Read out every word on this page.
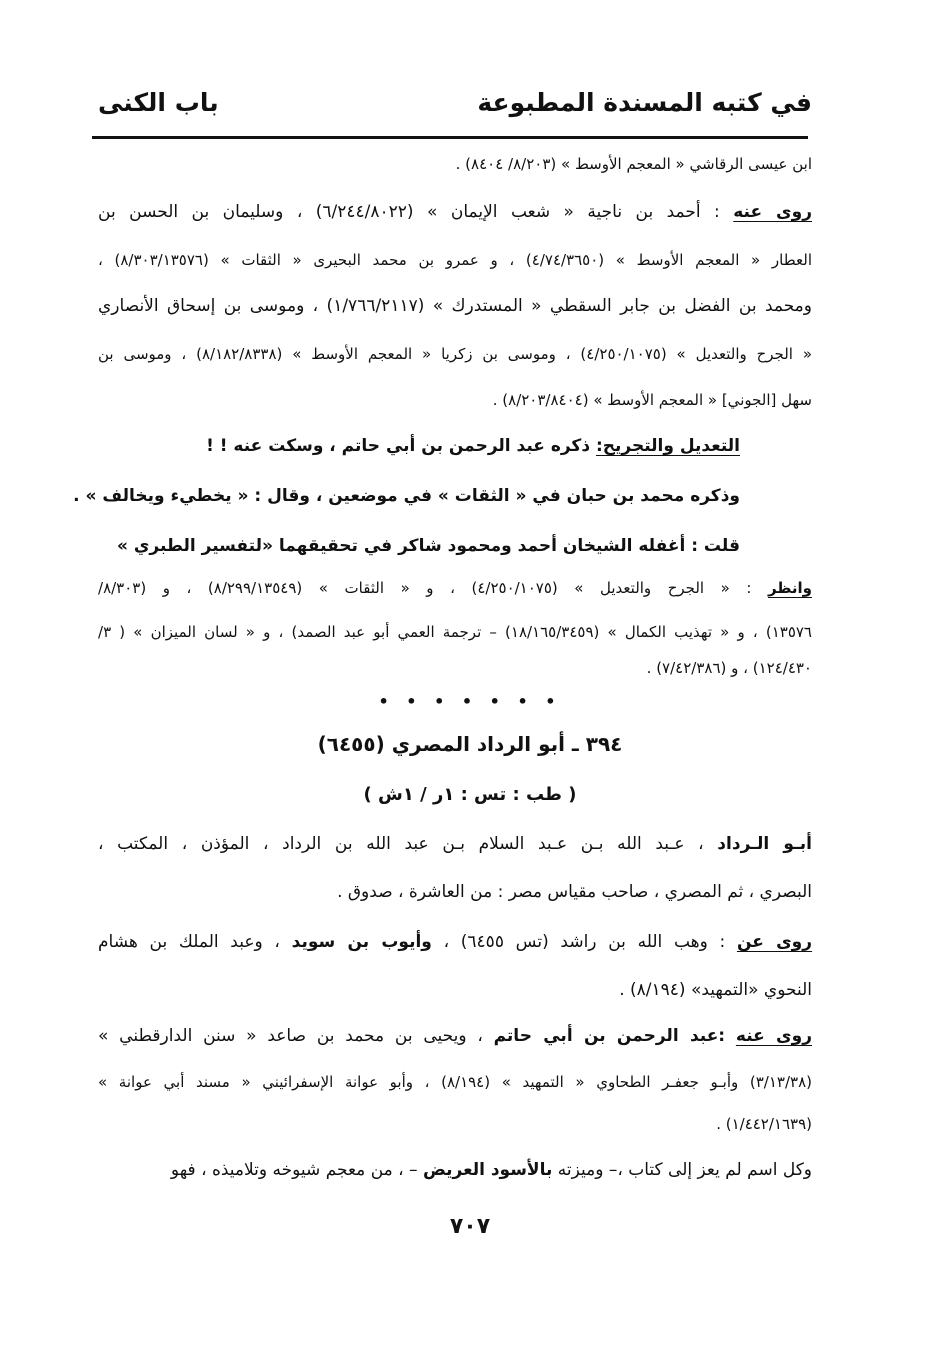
في كتبه المسندة المطبوعة
باب الكنى
ابن عيسى الرقاشي « المعجم الأوسط » (٨/٢٠٣/ ٨٤٠٤) .
روى عنه : أحمد بن ناجية « شعب الإيمان » (٦/٢٤٤/٨٠٢٢) ، وسليمان بن الحسن بن
العطار « المعجم الأوسط » (٤/٧٤/٣٦٥٠) ، و عمرو بن محمد البحيرى « الثقات » (٨/٣٠٣/١٣٥٧٦) ،
ومحمد بن الفضل بن جابر السقطي « المستدرك » (١/٧٦٦/٢١١٧) ، وموسى بن إسحاق الأنصاري
« الجرح والتعديل » (٤/٢٥٠/١٠٧٥) ، وموسى بن زكريا « المعجم الأوسط » (٨/١٨٢/٨٣٣٨) ، وموسى بن
سهل [الجوني] « المعجم الأوسط » (٨/٢٠٣/٨٤٠٤) .
التعديل والتجريح: ذكره عبد الرحمن بن أبي حاتم ، وسكت عنه ! !
وذكره محمد بن حبان في « الثقات » في موضعين ، وقال : « يخطيء ويخالف » .
قلت : أغفله الشيخان أحمد ومحمود شاكر في تحقيقهما «لتفسير الطبري »
وانظر : « الجرح والتعديل » (٤/٢٥٠/١٠٧٥) ، و « الثقات » (٨/٢٩٩/١٣٥٤٩) ، و (٨/٣٠٣/
١٣٥٧٦) ، و « تهذيب الكمال » (١٨/١٦٥/٣٤٥٩) – ترجمة العمي أبو عبد الصمد) ، و « لسان الميزان » ( ٣/
١٢٤/٤٣٠) ، و (٧/٤٢/٣٨٦) .
• • • • • • •
٣٩٤ ـ أبو الرداد المصري (٦٤٥٥)
( طب : تس : ١ر / ١ش )
أبـو الـرداد ، عـبد الله بـن عـبد السلام بـن عبد الله بن الرداد ، المؤذن ، المكتب ،
البصري ، ثم المصري ، صاحب مقياس مصر : من العاشرة ، صدوق .
روى عن : وهب الله بن راشد (تس ٦٤٥٥) ، وأيوب بن سويد ، وعبد الملك بن هشام
النحوي «التمهيد» (٨/١٩٤) .
روى عنه :عبد الرحمن بن أبي حاتم ، ويحيى بن محمد بن صاعد « سنن الدارقطني »
(٣/١٣/٣٨) وأبـو جعفـر الطحاوي « التمهيد » (٨/١٩٤) ، وأبو عوانة الإسفرائيني « مسند أبي عوانة »
(١/٤٤٢/١٦٣٩) .
وكل اسم لم يعز إلى كتاب ،– وميزته بالأسود العريض – ، من معجم شيوخه وتلاميذه ، فهو
٧٠٧
